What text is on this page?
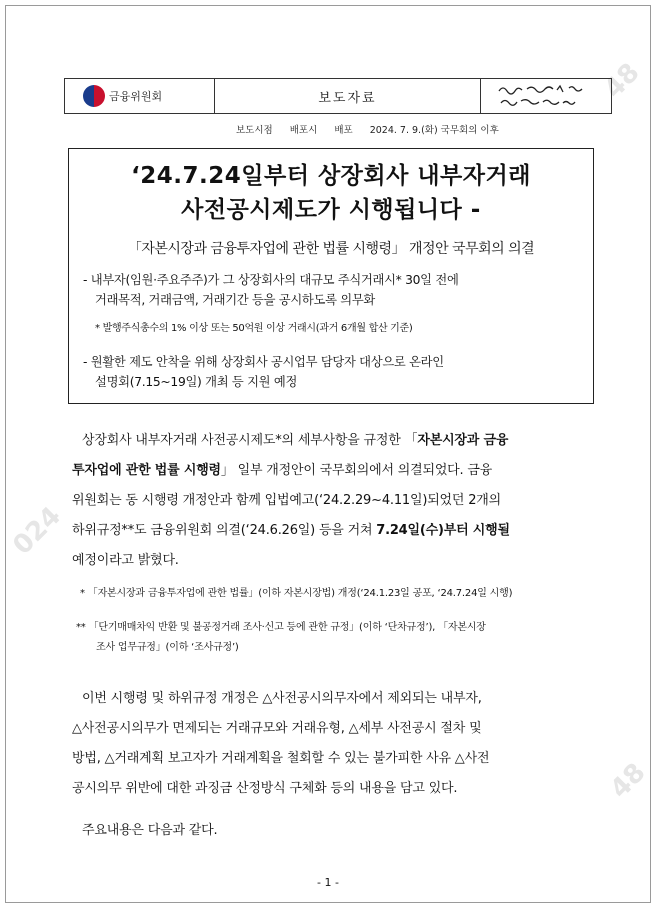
48
024
48
금융위원회	보도자료
보도시점 배포시 배포 2024. 7. 9.(화) 국무회의 이후
‘24.7.24일부터 상장회사 내부자거래
사전공시제도가 시행됩니다 -
「자본시장과 금융투자업에 관한 법률 시행령」 개정안 국무회의 의결
- 내부자(임원·주요주주)가 그 상장회사의 대규모 주식거래시* 30일 전에
거래목적, 거래금액, 거래기간 등을 공시하도록 의무화
* 발행주식총수의 1% 이상 또는 50억원 이상 거래시(과거 6개월 합산 기준)
- 원활한 제도 안착을 위해 상장회사 공시업무 담당자 대상으로 온라인
설명회(7.15~19일) 개최 등 지원 예정
상장회사 내부자거래 사전공시제도*의 세부사항을 규정한 「자본시장과 금융
투자업에 관한 법률 시행령」 일부 개정안이 국무회의에서 의결되었다. 금융
위원회는 동 시행령 개정안과 함께 입법예고(‘24.2.29~4.11일)되었던 2개의
하위규정**도 금융위원회 의결(‘24.6.26일) 등을 거쳐 7.24일(수)부터 시행될
예정이라고 밝혔다.
* 「자본시장과 금융투자업에 관한 법률」(이하 자본시장법) 개정(‘24.1.23일 공포, ‘24.7.24일 시행)
** 「단기매매차익 반환 및 불공정거래 조사·신고 등에 관한 규정」(이하 ‘단차규정’), 「자본시장
조사 업무규정」(이하 ‘조사규정’)
이번 시행령 및 하위규정 개정은 △사전공시의무자에서 제외되는 내부자,
△사전공시의무가 면제되는 거래규모와 거래유형, △세부 사전공시 절차 및
방법, △거래계획 보고자가 거래계획을 철회할 수 있는 불가피한 사유 △사전
공시의무 위반에 대한 과징금 산정방식 구체화 등의 내용을 담고 있다.
주요내용은 다음과 같다.
- 1 -
